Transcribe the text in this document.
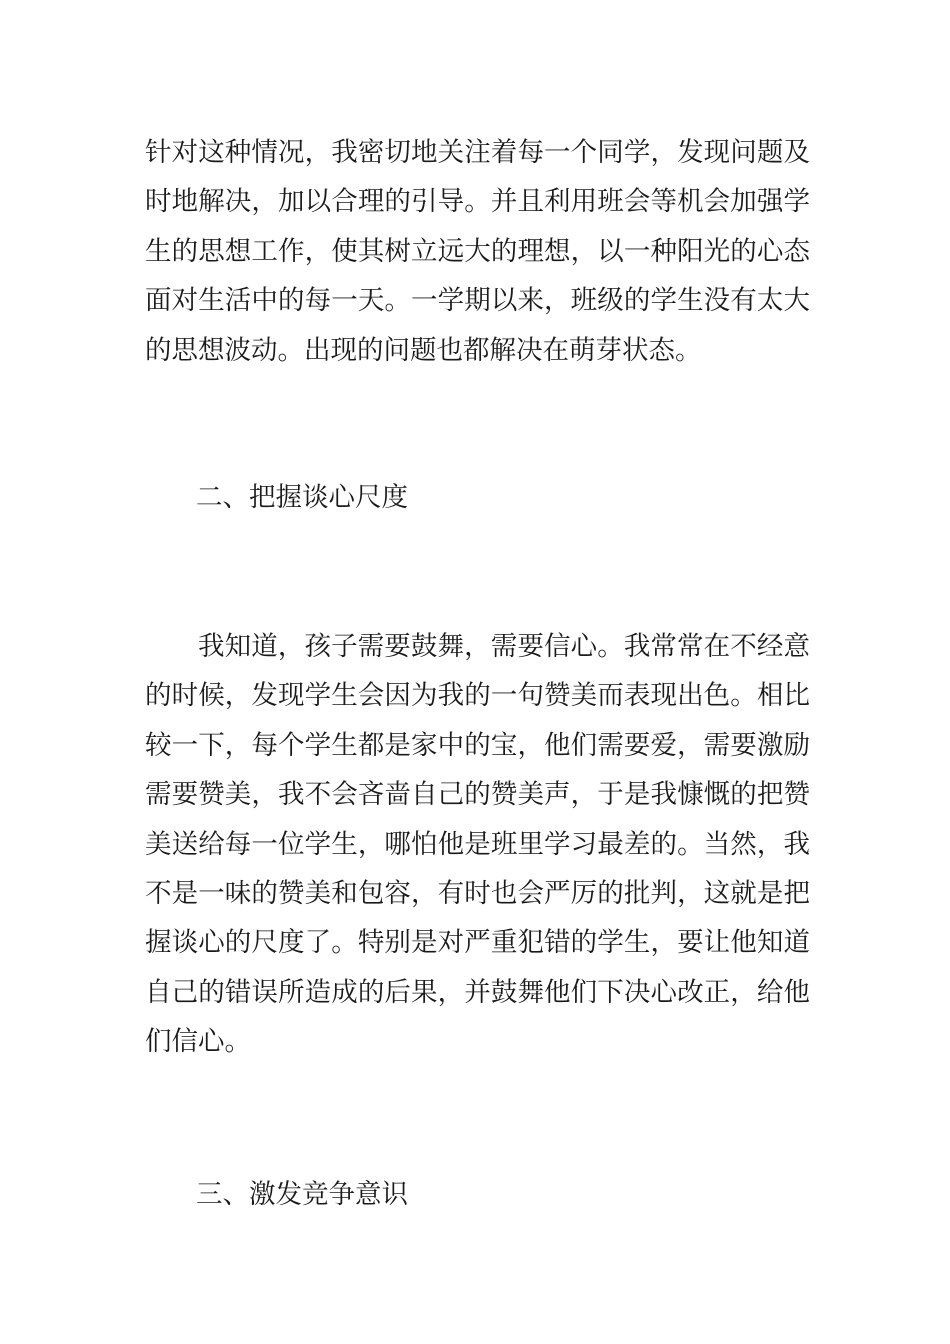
针对这种情况，我密切地关注着每一个同学，发现问题及时地解决，加以合理的引导。并且利用班会等机会加强学生的思想工作，使其树立远大的理想，以一种阳光的心态面对生活中的每一天。一学期以来，班级的学生没有太大的思想波动。出现的问题也都解决在萌芽状态。

二、把握谈心尺度

我知道，孩子需要鼓舞，需要信心。我常常在不经意的时候，发现学生会因为我的一句赞美而表现出色。相比较一下，每个学生都是家中的宝，他们需要爱，需要激励需要赞美，我不会吝啬自己的赞美声，于是我慷慨的把赞美送给每一位学生，哪怕他是班里学习最差的。当然，我不是一味的赞美和包容，有时也会严厉的批判，这就是把握谈心的尺度了。特别是对严重犯错的学生，要让他知道自己的错误所造成的后果，并鼓舞他们下决心改正，给他们信心。

三、激发竞争意识
